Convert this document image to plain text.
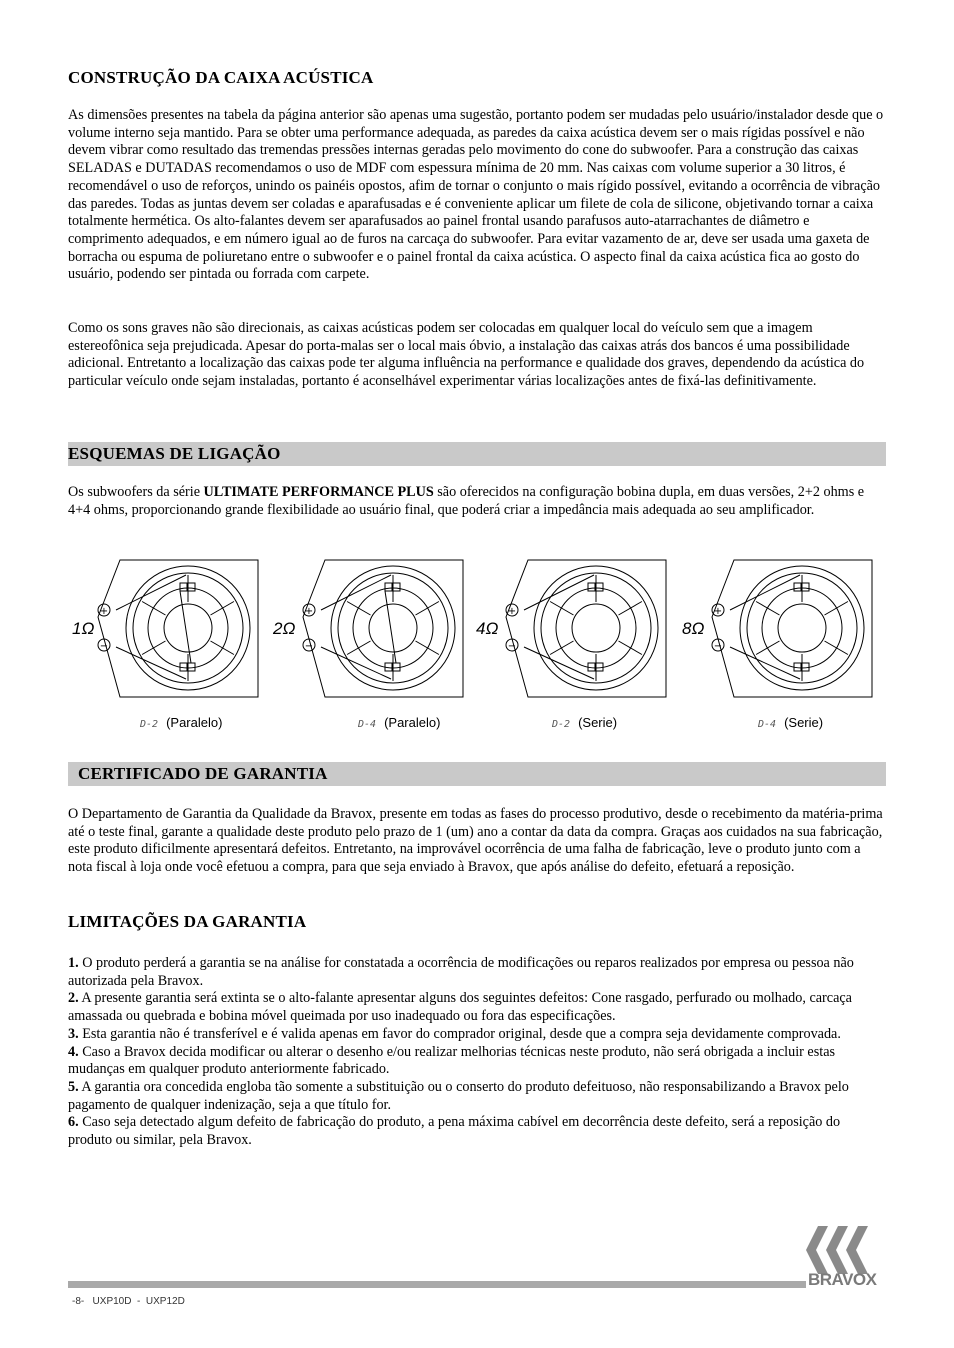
CONSTRUÇÃO DA CAIXA ACÚSTICA

As dimensões presentes na tabela da página anterior são apenas uma sugestão, portanto podem ser mudadas pelo usuário/instalador desde que o volume interno seja mantido. Para se obter uma performance adequada, as paredes da caixa acústica devem ser o mais rígidas possível e não devem vibrar como resultado das tremendas pressões internas geradas pelo movimento do cone do subwoofer. Para a construção das caixas SELADAS e DUTADAS recomendamos o uso de MDF com espessura mínima de 20 mm. Nas caixas com volume superior a 30 litros, é recomendável o uso de reforços, unindo os painéis opostos, afim de tornar o conjunto o mais rígido possível, evitando a ocorrência de vibração das paredes. Todas as juntas devem ser coladas e aparafusadas e é conveniente aplicar um filete de cola de silicone, objetivando tornar a caixa totalmente hermética. Os alto-falantes devem ser aparafusados ao painel frontal usando parafusos auto-atarrachantes de diâmetro e comprimento adequados, e em número igual ao de furos na carcaça do subwoofer. Para evitar vazamento de ar, deve ser usada uma gaxeta de borracha ou espuma de poliuretano entre o subwoofer e o painel frontal da caixa acústica. O aspecto final da caixa acústica fica ao gosto do usuário, podendo ser pintada ou forrada com carpete.

Como os sons graves não são direcionais, as caixas acústicas podem ser colocadas em qualquer local do veículo sem que a imagem estereofônica seja prejudicada. Apesar do porta-malas ser o local mais óbvio, a instalação das caixas atrás dos bancos é uma possibilidade adicional. Entretanto a localização das caixas pode ter alguma influência na performance e qualidade dos graves, dependendo da acústica do particular veículo onde sejam instaladas, portanto é aconselhável experimentar várias localizações antes de fixá-las definitivamente.

ESQUEMAS DE LIGAÇÃO

Os subwoofers da série ULTIMATE PERFORMANCE PLUS são oferecidos na configuração bobina dupla, em duas versões, 2+2 ohms e 4+4 ohms, proporcionando grande flexibilidade ao usuário final, que poderá criar a impedância mais adequada ao seu amplificador.

CERTIFICADO DE GARANTIA

O Departamento de Garantia da Qualidade da Bravox, presente em todas as fases do processo produtivo, desde o recebimento da matéria-prima até o teste final, garante a qualidade deste produto pelo prazo de 1 (um) ano a contar da data da compra. Graças aos cuidados na sua fabricação, este produto dificilmente apresentará defeitos. Entretanto, na improvável ocorrência de uma falha de fabricação, leve o produto junto com a nota fiscal à loja onde você efetuou a compra, para que seja enviado à Bravox, que após análise do defeito, efetuará a reposição.

LIMITAÇÕES DA GARANTIA

1. O produto perderá a garantia se na análise for constatada a ocorrência de modificações ou reparos realizados por empresa ou pessoa não autorizada pela Bravox.

2. A presente garantia será extinta se o alto-falante apresentar alguns dos seguintes defeitos: Cone rasgado, perfurado ou molhado, carcaça amassada ou quebrada e bobina móvel queimada por uso inadequado ou fora das especificações.

3. Esta garantia não é transferível e é valida apenas em favor do comprador original, desde que a compra seja devidamente comprovada.

4. Caso a Bravox decida modificar ou alterar o desenho e/ou realizar melhorias técnicas neste produto, não será obrigada a incluir estas mudanças em qualquer produto anteriormente fabricado.

5. A garantia ora concedida engloba tão somente a substituição ou o conserto do produto defeituoso, não responsabilizando a Bravox pelo pagamento de qualquer indenização, seja a que título for.

6. Caso seja detectado algum defeito de fabricação do produto, a pena máxima cabível em decorrência deste defeito, será a reposição do produto ou similar, pela Bravox.

+
−
1Ω
D-2 (Paralelo)
+
−
2Ω
D-4 (Paralelo)
+
−
4Ω
D-2 (Serie)
+
−
8Ω
D-4 (Serie)
-8-   UXP10D  -  UXP12D
BRAVOX
